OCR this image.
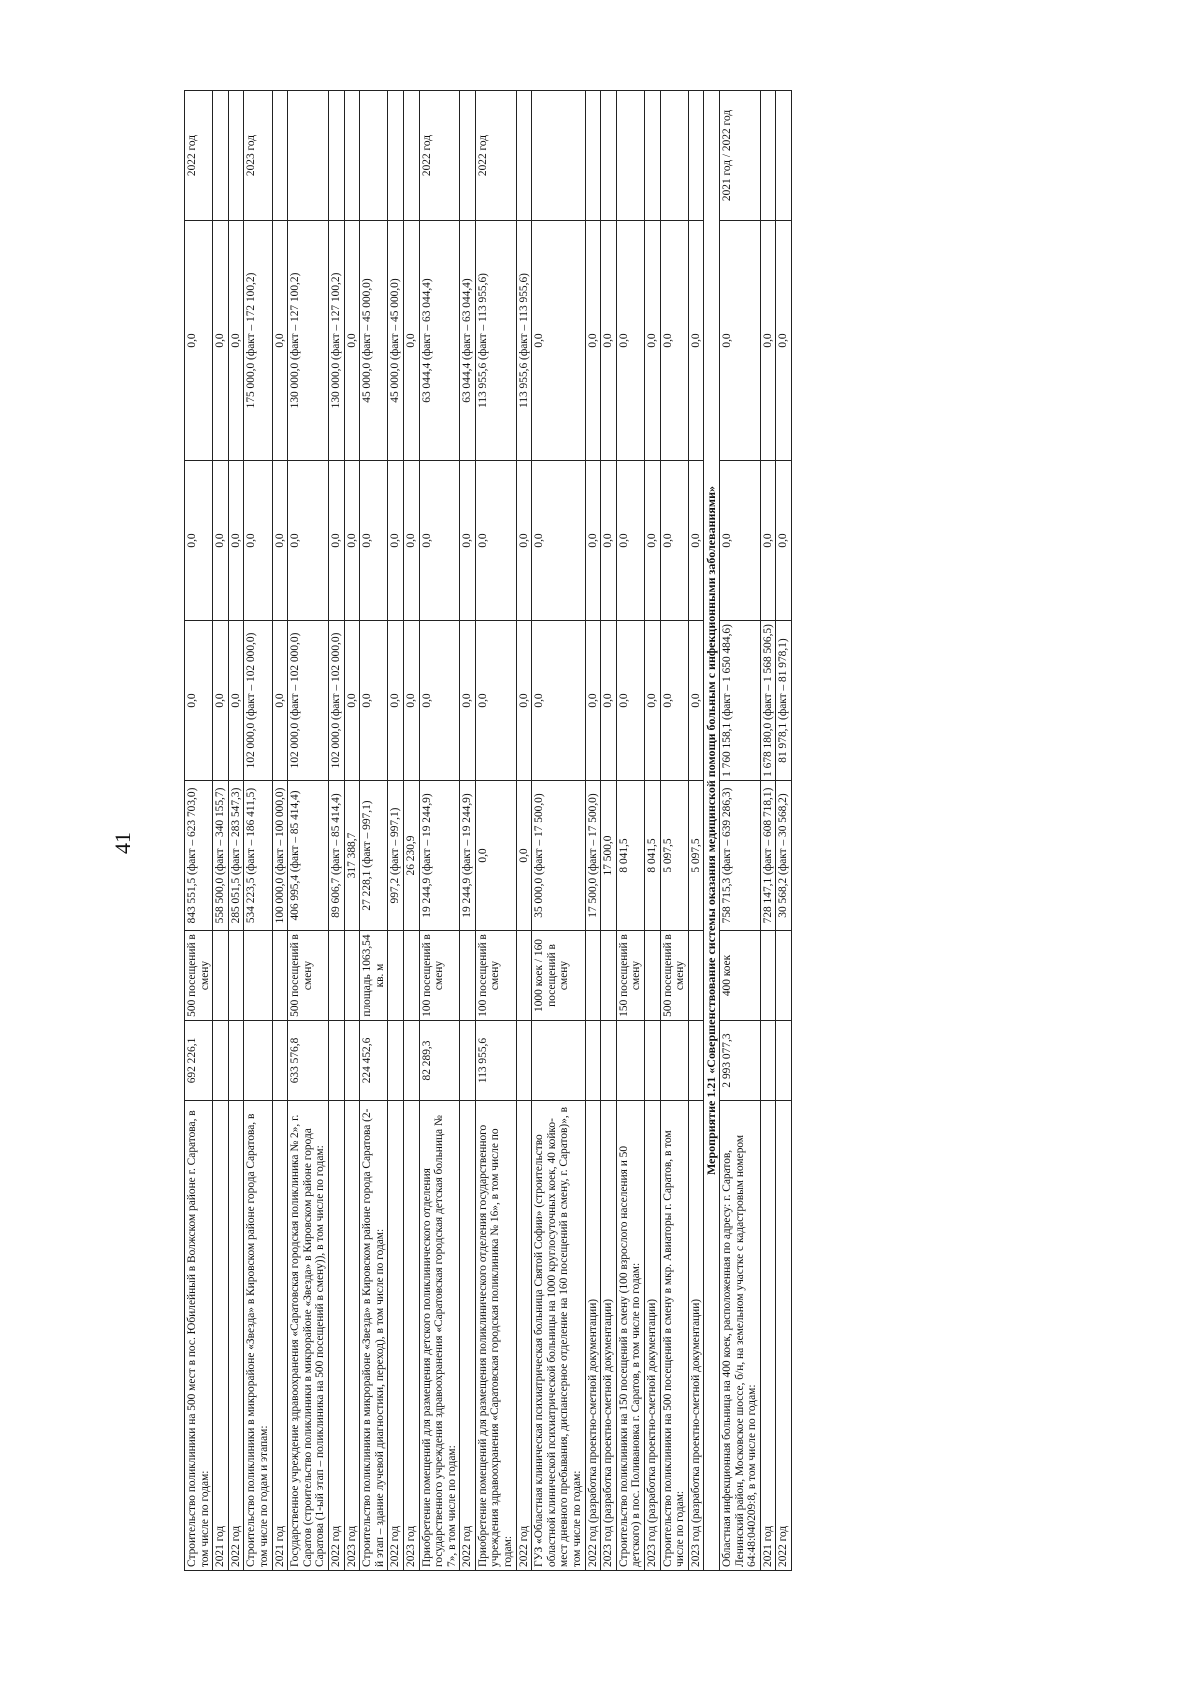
41
Строительство поликлиники на 500 мест в пос. Юбилейный в Волжском районе г. Саратова, в том числе по годам:	692 226,1	500 посещений в смену	843 551,5 (факт – 623 703,0)	0,0	0,0	0,0	2022 год
2021 год			558 500,0 (факт – 340 155,7)	0,0	0,0	0,0	
2022 год			285 051,5 (факт – 283 547,3)	0,0	0,0	0,0	
Строительство поликлиники в микрорайоне «Звезда» в Кировском районе города Саратова, в том числе по годам и этапам:			534 223,5 (факт – 186 411,5)	102 000,0 (факт – 102 000,0)	0,0	175 000,0 (факт – 172 100,2)	2023 год
2021 год			100 000,0 (факт – 100 000,0)	0,0	0,0	0,0	
Государственное учреждение здравоохранения «Саратовская городская поликлиника № 2», г. Саратов (строительство поликлиники в микрорайоне «Звезда» в Кировском районе города Саратова (1-ый этап – поликлиника на 500 посещений в смену)), в том числе по годам:	633 576,8	500 посещений в смену	406 995,4 (факт – 85 414,4)	102 000,0 (факт – 102 000,0)	0,0	130 000,0 (факт – 127 100,2)	
2022 год			89 606,7 (факт – 85 414,4)	102 000,0 (факт – 102 000,0)	0,0	130 000,0 (факт – 127 100,2)	
2023 год			317 388,7	0,0	0,0	0,0	
Строительство поликлиники в микрорайоне «Звезда» в Кировском районе города Саратова (2-й этап – здание лучевой диагностики, переход), в том числе по годам:	224 452,6	площадь 1063,54 кв. м	27 228,1 (факт – 997,1)	0,0	0,0	45 000,0 (факт – 45 000,0)	
2022 год			997,2 (факт – 997,1)	0,0	0,0	45 000,0 (факт – 45 000,0)	
2023 год			26 230,9	0,0	0,0	0,0	
Приобретение помещений для размещения детского поликлинического отделения государственного учреждения здравоохранения «Саратовская городская детская больница № 7», в том числе по годам:	82 289,3	100 посещений в смену	19 244,9 (факт – 19 244,9)	0,0	0,0	63 044,4 (факт – 63 044,4)	2022 год
2022 год			19 244,9 (факт – 19 244,9)	0,0	0,0	63 044,4 (факт – 63 044,4)	
Приобретение помещений для размещения поликлинического отделения государственного учреждения здравоохранения «Саратовская городская поликлиника № 16», в том числе по годам:	113 955,6	100 посещений в смену	0,0	0,0	0,0	113 955,6 (факт – 113 955,6)	2022 год
2022 год			0,0	0,0	0,0	113 955,6 (факт – 113 955,6)	
ГУЗ «Областная клиническая психиатрическая больница Святой Софии» (строительство областной клинической психиатрической больницы на 1000 круглосуточных коек, 40 койко-мест дневного пребывания, диспансерное отделение на 160 посещений в смену, г. Саратов)», в том числе по годам:		1000 коек / 160 посещений в смену	35 000,0 (факт – 17 500,0)	0,0	0,0	0,0	
2022 год (разработка проектно-сметной документации)			17 500,0 (факт – 17 500,0)	0,0	0,0	0,0	
2023 год (разработка проектно-сметной документации)			17 500,0	0,0	0,0	0,0	
Строительство поликлиники на 150 посещений в смену (100 взрослого населения и 50 детского) в пос. Поливановка г. Саратов, в том числе по годам:		150 посещений в смену	8 041,5	0,0	0,0	0,0	
2023 год (разработка проектно-сметной документации)			8 041,5	0,0	0,0	0,0	
Строительство поликлиники на 500 посещений в смену в мкр. Авиаторы г. Саратов, в том числе по годам:		500 посещений в смену	5 097,5	0,0	0,0	0,0	
2023 год (разработка проектно-сметной документации)			5 097,5	0,0	0,0	0,0	
Мероприятие 1.21 «Совершенствование системы оказания медицинской помощи больным с инфекционными заболеваниями»							
Областная инфекционная больница на 400 коек, расположенная по адресу: г. Саратов, Ленинский район, Московское шоссе, б/н, на земельном участке с кадастровым номером 64:48:040209:8, в том числе по годам:	2 993 077,3	400 коек	758 715,3 (факт – 639 286,3)	1 760 158,1 (факт – 1 650 484,6)	0,0	0,0	2021 год / 2022 год
2021 год			728 147,1 (факт – 608 718,1)	1 678 180,0 (факт – 1 568 506,5)	0,0	0,0	
2022 год			30 568,2 (факт – 30 568,2)	81 978,1 (факт – 81 978,1)	0,0	0,0	
